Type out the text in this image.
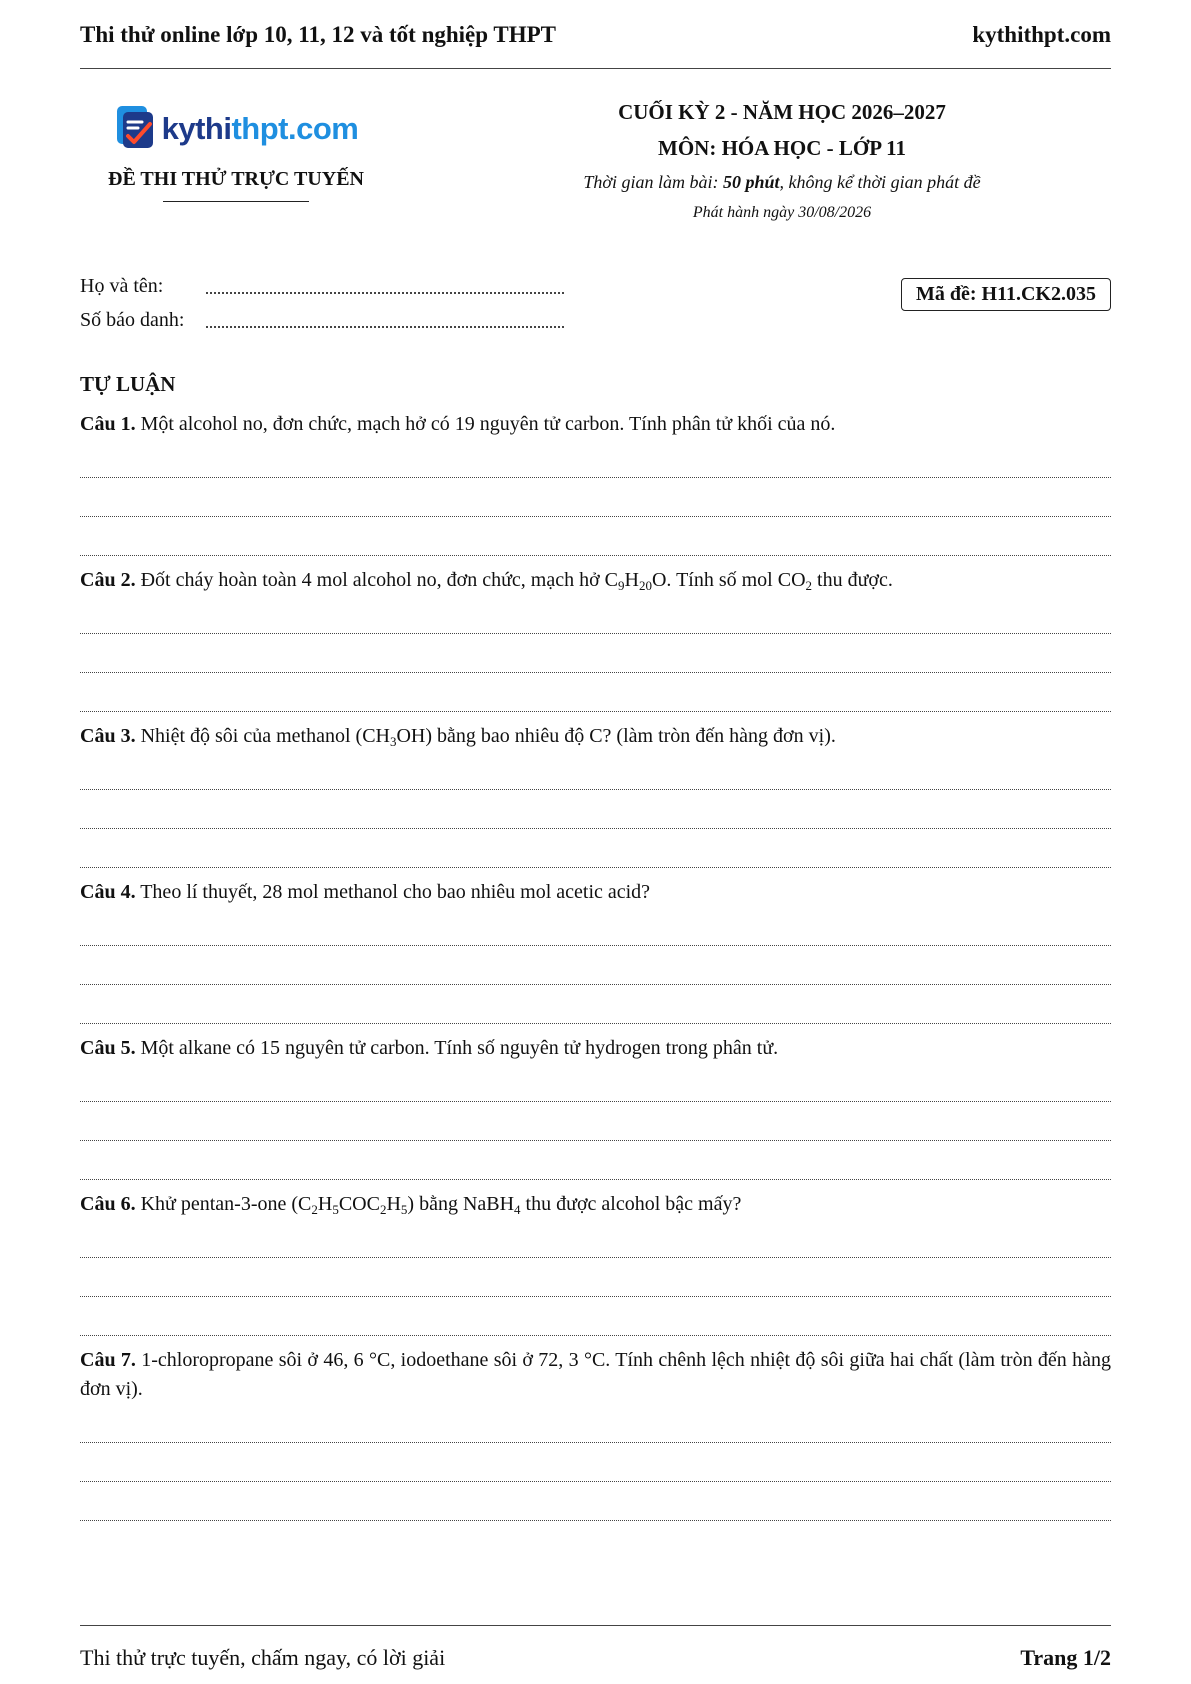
Thi thử online lớp 10, 11, 12 và tốt nghiệp THPT	kythithpt.com
kythithpt.com
ĐỀ THI THỬ TRỰC TUYẾN
CUỐI KỲ 2 - NĂM HỌC 2026–2027
MÔN: HÓA HỌC - LỚP 11
Thời gian làm bài: 50 phút, không kể thời gian phát đề
Phát hành ngày 30/08/2026
Họ và tên:
Số báo danh:
Mã đề: H11.CK2.035
TỰ LUẬN
Câu 1. Một alcohol no, đơn chức, mạch hở có 19 nguyên tử carbon. Tính phân tử khối của nó.
Câu 2. Đốt cháy hoàn toàn 4 mol alcohol no, đơn chức, mạch hở $C_9H_{20}O$. Tính số mol $CO_2$ thu được.
Câu 3. Nhiệt độ sôi của methanol $(CH_3OH)$ bằng bao nhiêu độ C? (làm tròn đến hàng đơn vị).
Câu 4. Theo lí thuyết, 28 mol methanol cho bao nhiêu mol acetic acid?
Câu 5. Một alkane có 15 nguyên tử carbon. Tính số nguyên tử hydrogen trong phân tử.
Câu 6. Khử pentan-3-one $(C_2H_5COC_2H_5)$ bằng NaBH$_4$ thu được alcohol bậc mấy?
Câu 7. 1-chloropropane sôi ở 46, 6 °C, iodoethane sôi ở 72, 3 °C. Tính chênh lệch nhiệt độ sôi giữa hai chất (làm tròn đến hàng đơn vị).
Thi thử trực tuyến, chấm ngay, có lời giải	Trang 1/2
